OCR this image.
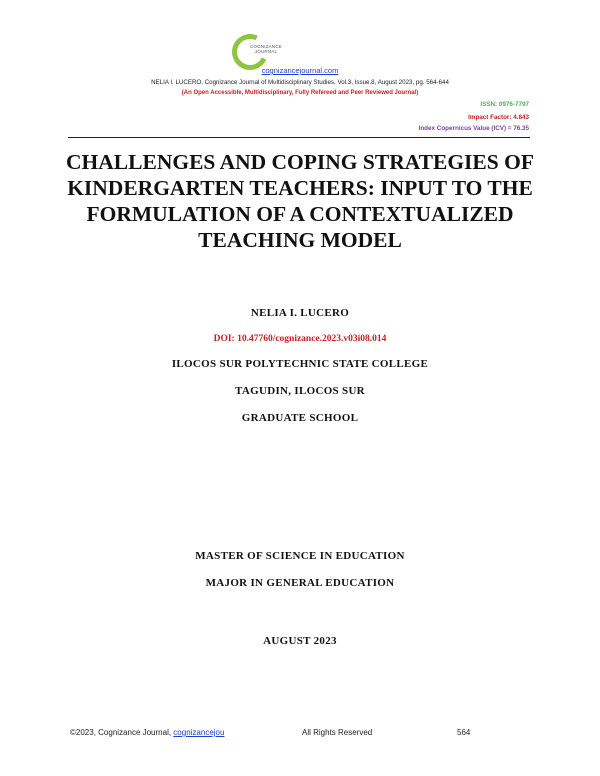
COGNIZANCE JOURNAL
cognizancejournal.com
NELIA I. LUCERO, Cognizance Journal of Multidisciplinary Studies, Vol.3, Issue.8, August 2023, pg. 564-644
(An Open Accessible, Multidisciplinary, Fully Refereed and Peer Reviewed Journal)
ISSN: 0976-7797
Impact Factor: 4.843
Index Copernicus Value (ICV) = 76.35
CHALLENGES AND COPING STRATEGIES OF KINDERGARTEN TEACHERS: INPUT TO THE FORMULATION OF A CONTEXTUALIZED TEACHING MODEL
NELIA I. LUCERO
DOI: 10.47760/cognizance.2023.v03i08.014
ILOCOS SUR POLYTECHNIC STATE COLLEGE
TAGUDIN, ILOCOS SUR
GRADUATE SCHOOL
MASTER OF SCIENCE IN EDUCATION
MAJOR IN GENERAL EDUCATION
AUGUST 2023
©2023, Cognizance Journal, cognizancejou	All Rights Reserved	564
